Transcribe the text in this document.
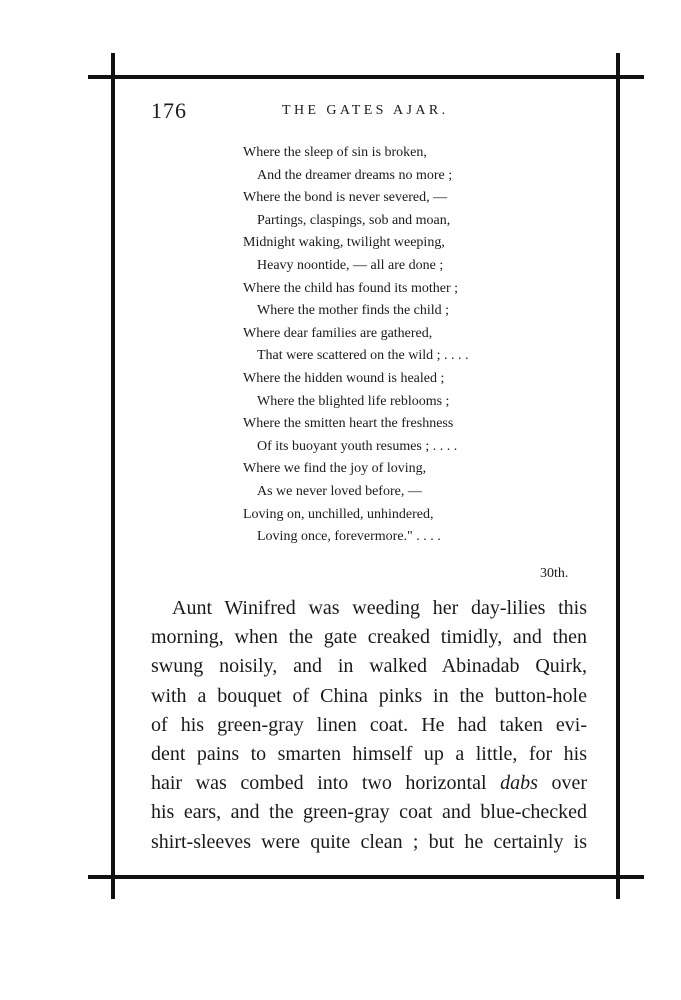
176	THE GATES AJAR.
Where the sleep of sin is broken,
And the dreamer dreams no more ;
Where the bond is never severed, —
Partings, claspings, sob and moan,
Midnight waking, twilight weeping,
Heavy noontide, — all are done ;
Where the child has found its mother ;
Where the mother finds the child ;
Where dear families are gathered,
That were scattered on the wild ; . . . .
Where the hidden wound is healed ;
Where the blighted life reblooms ;
Where the smitten heart the freshness
Of its buoyant youth resumes ; . . . .
Where we find the joy of loving,
As we never loved before, —
Loving on, unchilled, unhindered,
Loving once, forevermore." . . . .
30th.
Aunt Winifred was weeding her day-lilies this
morning, when the gate creaked timidly, and then
swung noisily, and in walked Abinadab Quirk,
with a bouquet of China pinks in the button-hole
of his green-gray linen coat. He had taken evi-
dent pains to smarten himself up a little, for his
hair was combed into two horizontal dabs over
his ears, and the green-gray coat and blue-checked
shirt-sleeves were quite clean ; but he certainly is
